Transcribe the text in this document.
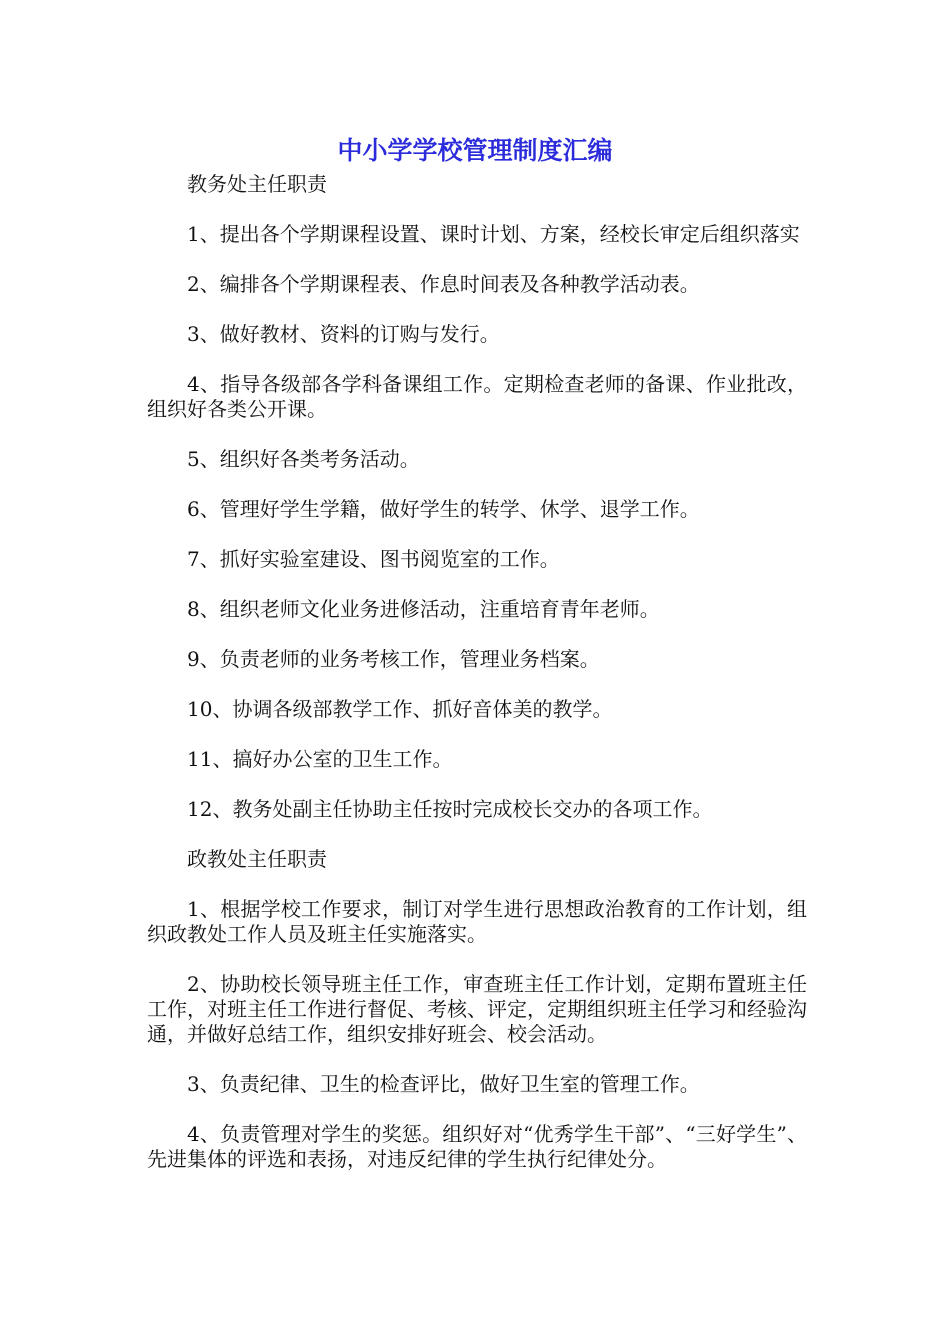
中小学学校管理制度汇编

教务处主任职责

1、提出各个学期课程设置、课时计划、方案，经校长审定后组织落实

2、编排各个学期课程表、作息时间表及各种教学活动表。

3、做好教材、资料的订购与发行。

4、指导各级部各学科备课组工作。定期检查老师的备课、作业批改，组织好各类公开课。

5、组织好各类考务活动。

6、管理好学生学籍，做好学生的转学、休学、退学工作。

7、抓好实验室建设、图书阅览室的工作。

8、组织老师文化业务进修活动，注重培育青年老师。

9、负责老师的业务考核工作，管理业务档案。

10、协调各级部教学工作、抓好音体美的教学。

11、搞好办公室的卫生工作。

12、教务处副主任协助主任按时完成校长交办的各项工作。

政教处主任职责

1、根据学校工作要求，制订对学生进行思想政治教育的工作计划，组织政教处工作人员及班主任实施落实。

2、协助校长领导班主任工作，审查班主任工作计划，定期布置班主任工作，对班主任工作进行督促、考核、评定，定期组织班主任学习和经验沟通，并做好总结工作，组织安排好班会、校会活动。

3、负责纪律、卫生的检查评比，做好卫生室的管理工作。

4、负责管理对学生的奖惩。组织好对“优秀学生干部”、“三好学生”、先进集体的评选和表扬，对违反纪律的学生执行纪律处分。
